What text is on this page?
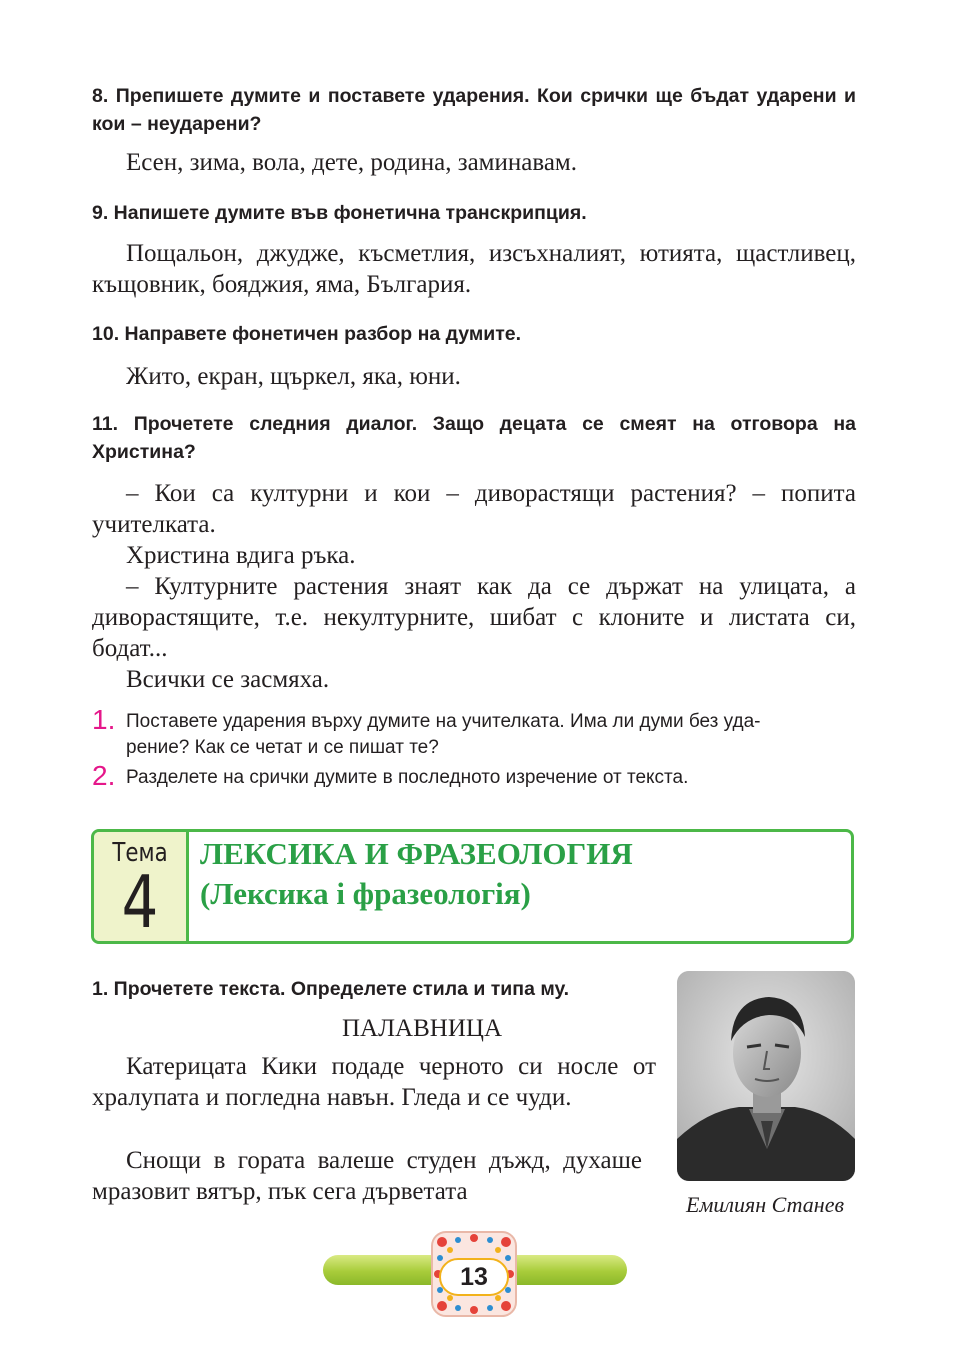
8. Препишете думите и поставете ударения. Кои срички ще бъдат ударени и кои – неударени?

Есен, зима, вола, дете, родина, заминавам.

9. Напишете думите във фонетична транскрипция.

Пощальон, джудже, късметлия, изсъхналият, ютията, щастливец, къщовник, бояджия, яма, България.

10. Направете фонетичен разбор на думите.

Жито, екран, щъркел, яка, юни.

11. Прочетете следния диалог. Защо децата се смеят на отговора на Христина?

– Кои са културни и кои – диворастящи растения? – попита учителката.

Христина вдига ръка.

– Културните растения знаят как да се държат на улицата, а диворастящите, т.е. некултурните, шибат с клоните и листата си, бодат...

Всички се засмяха.

1. Поставете ударения върху думите на учителката. Има ли думи без уда-
рение? Как се четат и се пишат те?
2. Разделете на срички думите в последното изречение от текста.
Тема
4
ЛЕКСИКА И ФРАЗЕОЛОГИЯ
(Лексика і фразеологія)

1. Прочетете текста. Определете стила и типа му.

ПАЛАВНИЦА

Катерицата Кики подаде черното си носле от хралупата и погледна навън. Гледа и се чуди.

Снощи в гората валеше студен дъжд, духаше мразовит вятър, пък сега дърветата	Емилиян Станев
13
